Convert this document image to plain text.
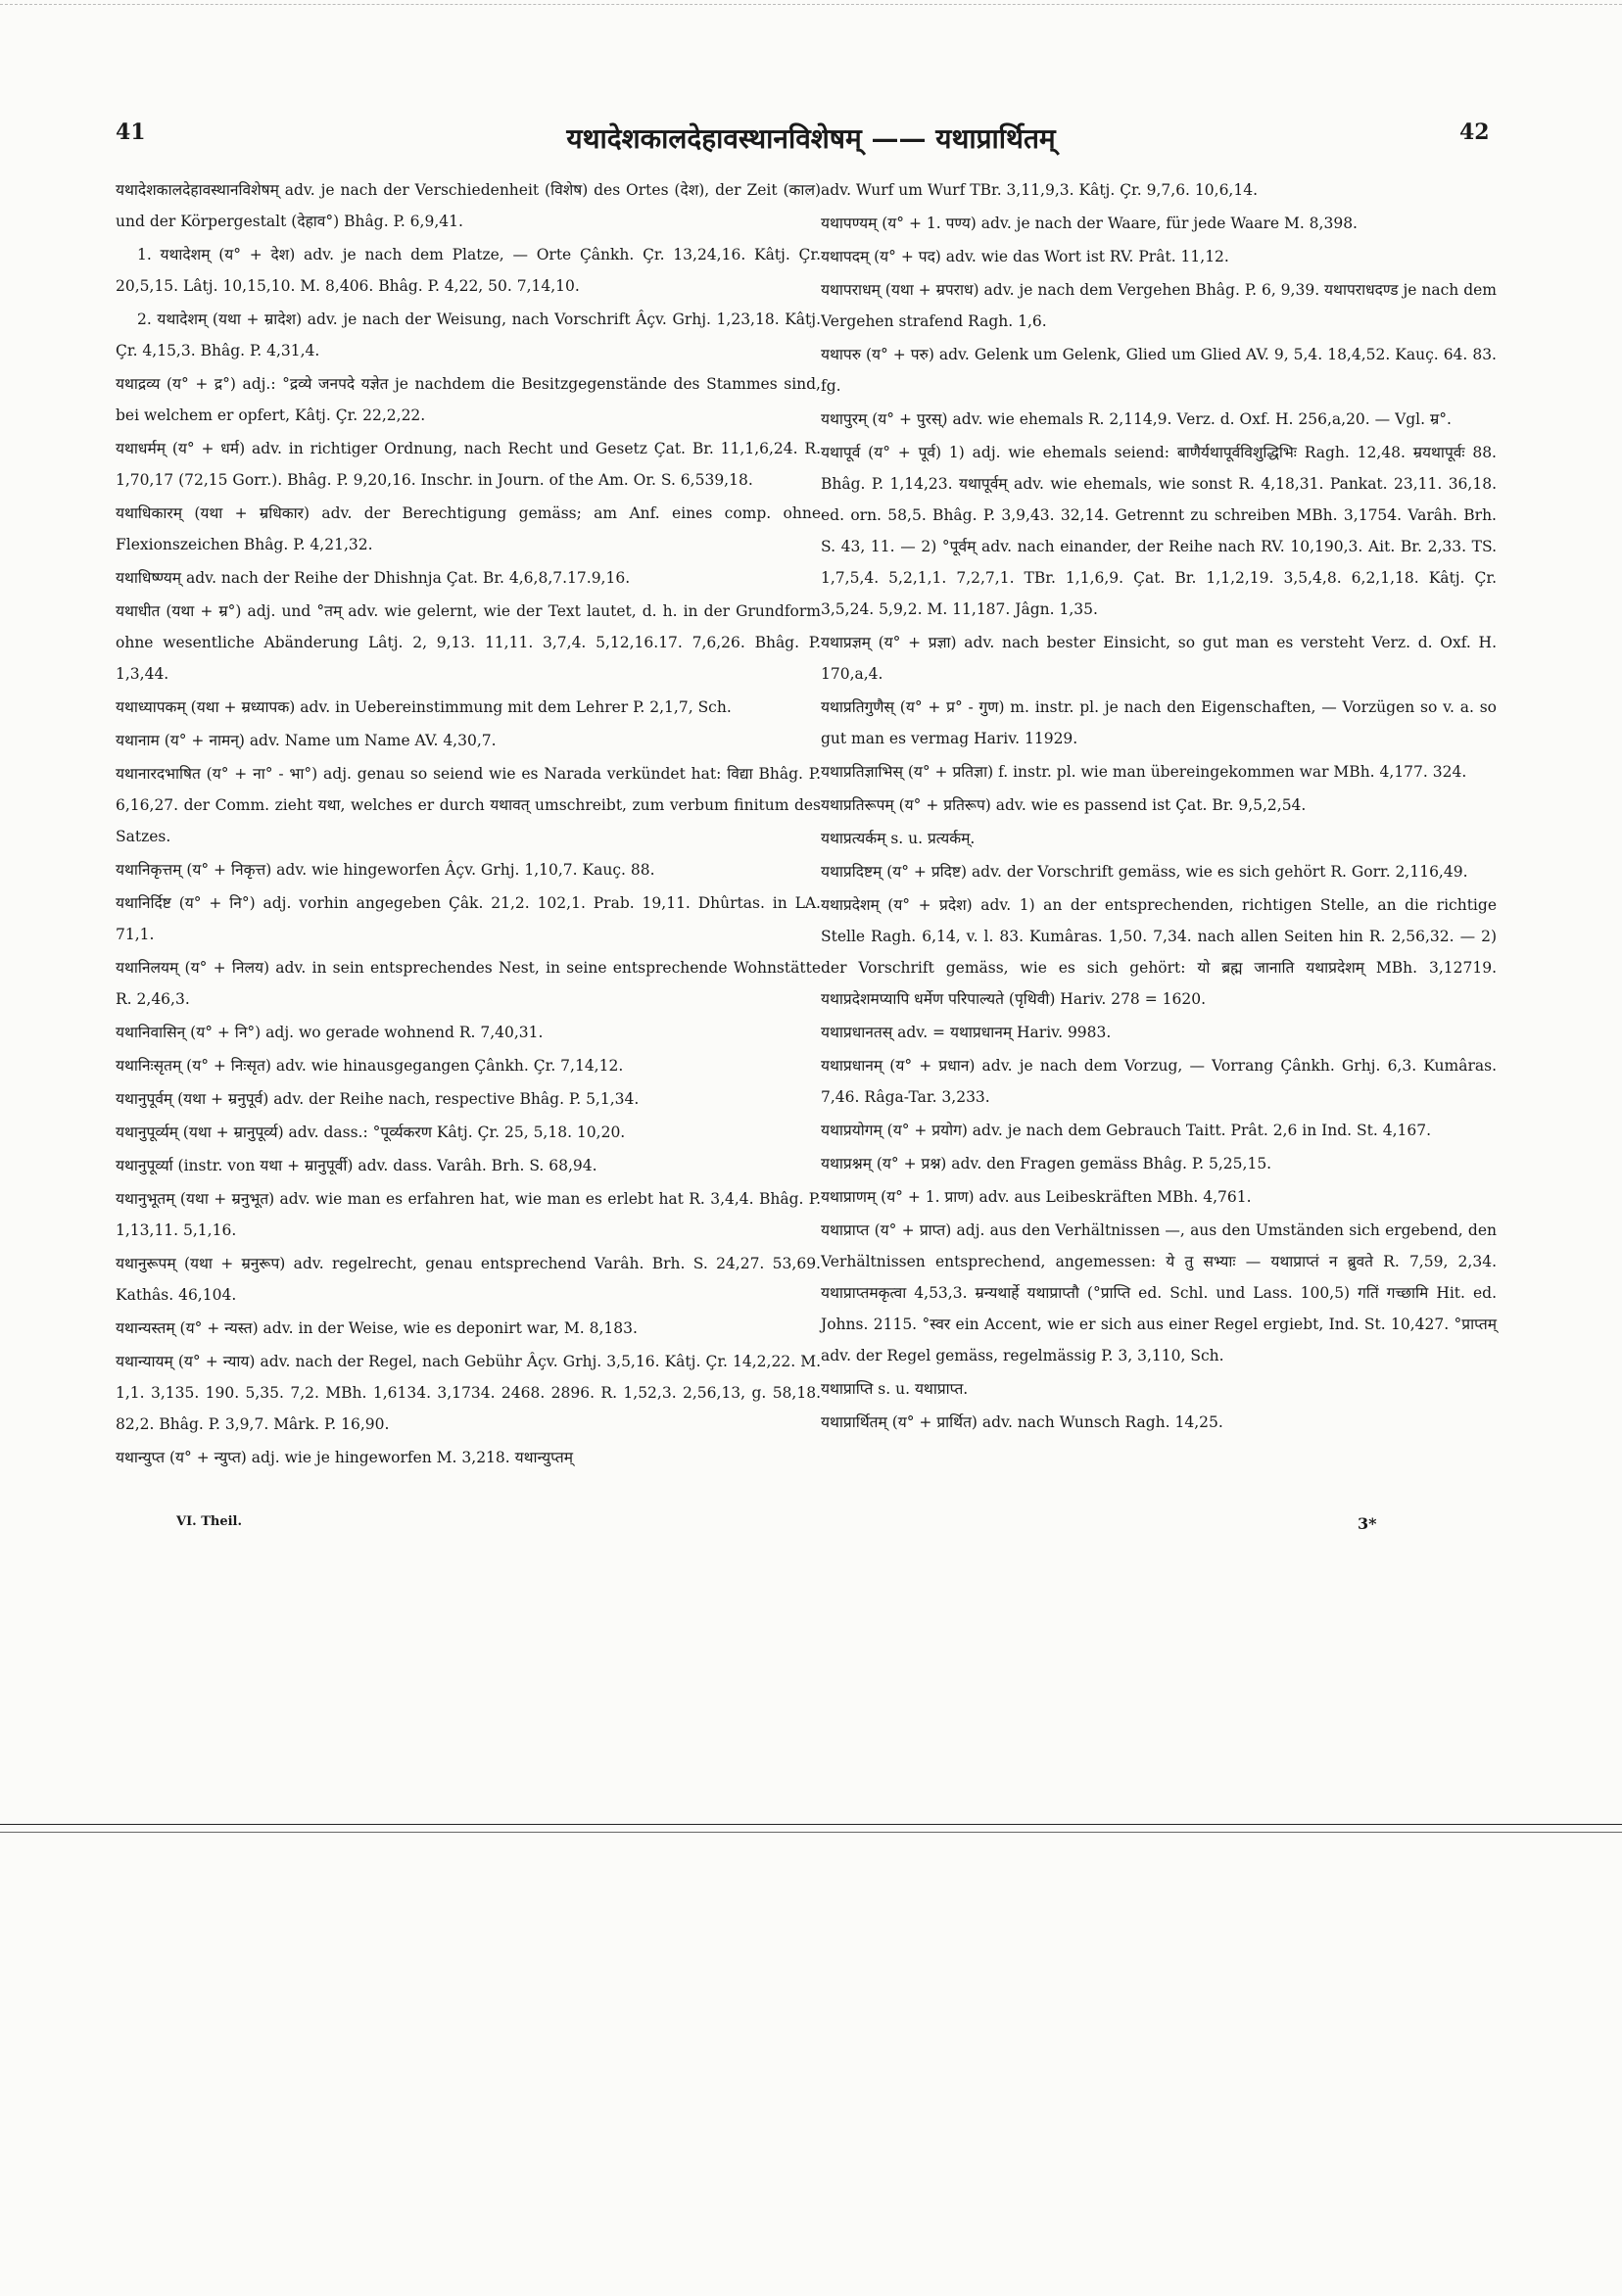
41	यथादेशकालदेहावस्थानविशेषम् —— यथाप्रार्थितम्	42

यथादेशकालदेहावस्थानविशेषम् adv. je nach der Verschiedenheit (विशेष) des Ortes (देश), der Zeit (काल) und der Körpergestalt (देहाव°) Bhâg. P. 6,9,41.

1. यथादेशम् (य° + देश) adv. je nach dem Platze, — Orte Çânkh. Çr. 13,24,16. Kâtj. Çr. 20,5,15. Lâtj. 10,15,10. M. 8,406. Bhâg. P. 4,22, 50. 7,14,10.

2. यथादेशम् (यथा + म्रादेश) adv. je nach der Weisung, nach Vorschrift Âçv. Grhj. 1,23,18. Kâtj. Çr. 4,15,3. Bhâg. P. 4,31,4.

यथाद्रव्य (य° + द्र°) adj.: °द्रव्ये जनपदे यज्ञेत je nachdem die Besitzgegenstände des Stammes sind, bei welchem er opfert, Kâtj. Çr. 22,2,22.

यथाधर्मम् (य° + धर्म) adv. in richtiger Ordnung, nach Recht und Gesetz Çat. Br. 11,1,6,24. R. 1,70,17 (72,15 Gorr.). Bhâg. P. 9,20,16. Inschr. in Journ. of the Am. Or. S. 6,539,18.

यथाधिकारम् (यथा + म्रधिकार) adv. der Berechtigung gemäss; am Anf. eines comp. ohne Flexionszeichen Bhâg. P. 4,21,32.

यथाधिष्ण्यम् adv. nach der Reihe der Dhishnja Çat. Br. 4,6,8,7.17.9,16.

यथाधीत (यथा + म्र°) adj. und °तम् adv. wie gelernt, wie der Text lautet, d. h. in der Grundform ohne wesentliche Abänderung Lâtj. 2, 9,13. 11,11. 3,7,4. 5,12,16.17. 7,6,26. Bhâg. P. 1,3,44.

यथाध्यापकम् (यथा + म्रध्यापक) adv. in Uebereinstimmung mit dem Lehrer P. 2,1,7, Sch.

यथानाम (य° + नामन्) adv. Name um Name AV. 4,30,7.

यथानारदभाषित (य° + ना° - भा°) adj. genau so seiend wie es Narada verkündet hat: विद्या Bhâg. P. 6,16,27. der Comm. zieht यथा, welches er durch यथावत् umschreibt, zum verbum finitum des Satzes.

यथानिकृत्तम् (य° + निकृत्त) adv. wie hingeworfen Âçv. Grhj. 1,10,7. Kauç. 88.

यथानिर्दिष्ट (य° + नि°) adj. vorhin angegeben Çâk. 21,2. 102,1. Prab. 19,11. Dhûrtas. in LA. 71,1.

यथानिलयम् (य° + निलय) adv. in sein entsprechendes Nest, in seine entsprechende Wohnstätte R. 2,46,3.

यथानिवासिन् (य° + नि°) adj. wo gerade wohnend R. 7,40,31.

यथानिःसृतम् (य° + निःसृत) adv. wie hinausgegangen Çânkh. Çr. 7,14,12.

यथानुपूर्वम् (यथा + म्रनुपूर्व) adv. der Reihe nach, respective Bhâg. P. 5,1,34.

यथानुपूर्व्यम् (यथा + म्रानुपूर्व्य) adv. dass.: °पूर्व्यकरण Kâtj. Çr. 25, 5,18. 10,20.

यथानुपूर्व्या (instr. von यथा + म्रानुपूर्वी) adv. dass. Varâh. Brh. S. 68,94.

यथानुभूतम् (यथा + म्रनुभूत) adv. wie man es erfahren hat, wie man es erlebt hat R. 3,4,4. Bhâg. P. 1,13,11. 5,1,16.

यथानुरूपम् (यथा + म्रनुरूप) adv. regelrecht, genau entsprechend Varâh. Brh. S. 24,27. 53,69. Kathâs. 46,104.

यथान्यस्तम् (य° + न्यस्त) adv. in der Weise, wie es deponirt war, M. 8,183.

यथान्यायम् (य° + न्याय) adv. nach der Regel, nach Gebühr Âçv. Grhj. 3,5,16. Kâtj. Çr. 14,2,22. M. 1,1. 3,135. 190. 5,35. 7,2. MBh. 1,6134. 3,1734. 2468. 2896. R. 1,52,3. 2,56,13, g. 58,18. 82,2. Bhâg. P. 3,9,7. Mârk. P. 16,90.

यथान्युप्त (य° + न्युप्त) adj. wie je hingeworfen M. 3,218. यथान्युप्तम्

adv. Wurf um Wurf TBr. 3,11,9,3. Kâtj. Çr. 9,7,6. 10,6,14.

यथापण्यम् (य° + 1. पण्य) adv. je nach der Waare, für jede Waare M. 8,398.

यथापदम् (य° + पद) adv. wie das Wort ist RV. Prât. 11,12.

यथापराधम् (यथा + म्रपराध) adv. je nach dem Vergehen Bhâg. P. 6, 9,39. यथापराधदण्ड je nach dem Vergehen strafend Ragh. 1,6.

यथापरु (य° + परु) adv. Gelenk um Gelenk, Glied um Glied AV. 9, 5,4. 18,4,52. Kauç. 64. 83. fg.

यथापुरम् (य° + पुरस्) adv. wie ehemals R. 2,114,9. Verz. d. Oxf. H. 256,a,20. — Vgl. म्र°.

यथापूर्व (य° + पूर्व) 1) adj. wie ehemals seiend: बाणैर्यथापूर्वविशुद्धिभिः Ragh. 12,48. म्रयथापूर्वः 88. Bhâg. P. 1,14,23. यथापूर्वम् adv. wie ehemals, wie sonst R. 4,18,31. Pankat. 23,11. 36,18. ed. orn. 58,5. Bhâg. P. 3,9,43. 32,14. Getrennt zu schreiben MBh. 3,1754. Varâh. Brh. S. 43, 11. — 2) °पूर्वम् adv. nach einander, der Reihe nach RV. 10,190,3. Ait. Br. 2,33. TS. 1,7,5,4. 5,2,1,1. 7,2,7,1. TBr. 1,1,6,9. Çat. Br. 1,1,2,19. 3,5,4,8. 6,2,1,18. Kâtj. Çr. 3,5,24. 5,9,2. M. 11,187. Jâgn. 1,35.

यथाप्रज्ञम् (य° + प्रज्ञा) adv. nach bester Einsicht, so gut man es versteht Verz. d. Oxf. H. 170,a,4.

यथाप्रतिगुणैस् (य° + प्र° - गुण) m. instr. pl. je nach den Eigenschaften, — Vorzügen so v. a. so gut man es vermag Hariv. 11929.

यथाप्रतिज्ञाभिस् (य° + प्रतिज्ञा) f. instr. pl. wie man übereingekommen war MBh. 4,177. 324.

यथाप्रतिरूपम् (य° + प्रतिरूप) adv. wie es passend ist Çat. Br. 9,5,2,54.

यथाप्रत्यर्कम् s. u. प्रत्यर्कम्.

यथाप्रदिष्टम् (य° + प्रदिष्ट) adv. der Vorschrift gemäss, wie es sich gehört R. Gorr. 2,116,49.

यथाप्रदेशम् (य° + प्रदेश) adv. 1) an der entsprechenden, richtigen Stelle, an die richtige Stelle Ragh. 6,14, v. l. 83. Kumâras. 1,50. 7,34. nach allen Seiten hin R. 2,56,32. — 2) der Vorschrift gemäss, wie es sich gehört: यो ब्रह्म जानाति यथाप्रदेशम् MBh. 3,12719. यथाप्रदेशमप्यापि धर्मेण परिपाल्यते (पृथिवी) Hariv. 278 = 1620.

यथाप्रधानतस् adv. = यथाप्रधानम् Hariv. 9983.

यथाप्रधानम् (य° + प्रधान) adv. je nach dem Vorzug, — Vorrang Çânkh. Grhj. 6,3. Kumâras. 7,46. Râga-Tar. 3,233.

यथाप्रयोगम् (य° + प्रयोग) adv. je nach dem Gebrauch Taitt. Prât. 2,6 in Ind. St. 4,167.

यथाप्रश्नम् (य° + प्रश्न) adv. den Fragen gemäss Bhâg. P. 5,25,15.

यथाप्राणम् (य° + 1. प्राण) adv. aus Leibeskräften MBh. 4,761.

यथाप्राप्त (य° + प्राप्त) adj. aus den Verhältnissen —, aus den Umständen sich ergebend, den Verhältnissen entsprechend, angemessen: ये तु सभ्याः — यथाप्राप्तं न ब्रुवते R. 7,59, 2,34. यथाप्राप्तमकृत्वा 4,53,3. म्रन्यथार्हे यथाप्राप्तौ (°प्राप्ति ed. Schl. und Lass. 100,5) गतिं गच्छामि Hit. ed. Johns. 2115. °स्वर ein Accent, wie er sich aus einer Regel ergiebt, Ind. St. 10,427. °प्राप्तम् adv. der Regel gemäss, regelmässig P. 3, 3,110, Sch.

यथाप्राप्ति s. u. यथाप्राप्त.

यथाप्रार्थितम् (य° + प्रार्थित) adv. nach Wunsch Ragh. 14,25.

VI. Theil.	3*
